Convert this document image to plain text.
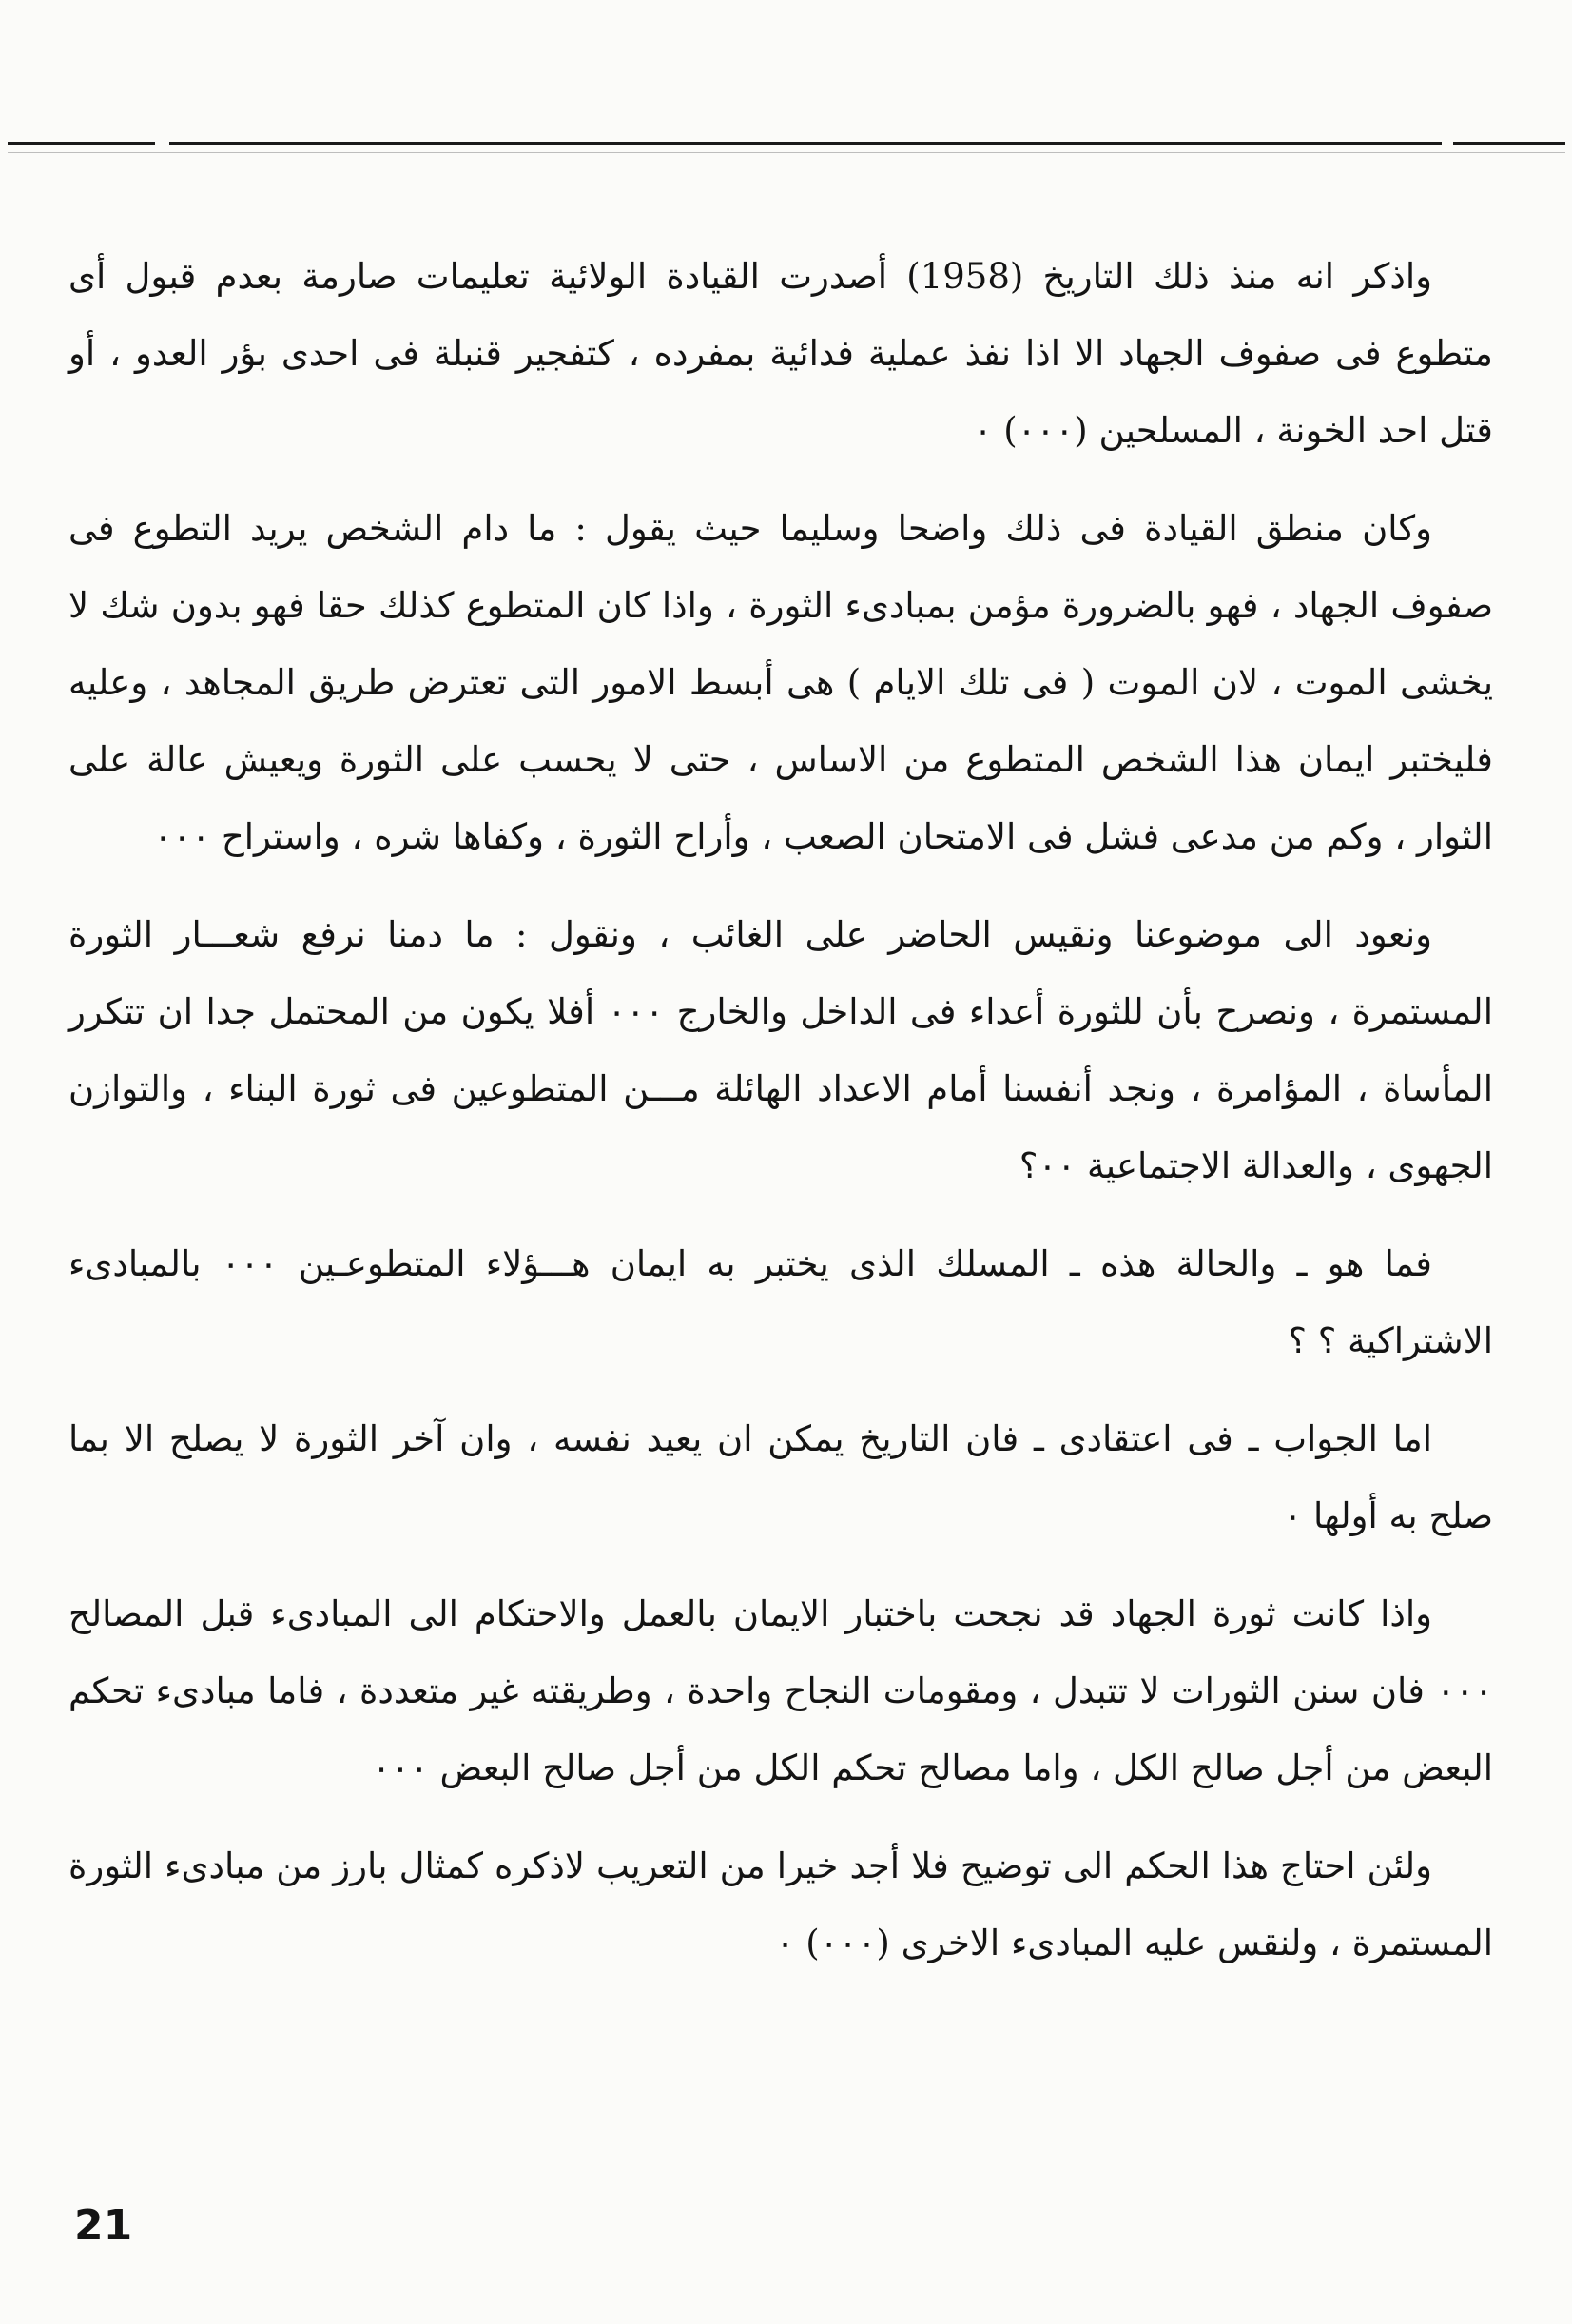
واذكر انه منذ ذلك التاريخ (1958) أصدرت القيادة الولائية تعليمات صارمة بعدم قبول أى متطوع فى صفوف الجهاد الا اذا نفذ عملية فدائية بمفرده ، كتفجير قنبلة فى احدى بؤر العدو ، أو قتل احد الخونة ، المسلحين (٠٠٠) ٠

وكان منطق القيادة فى ذلك واضحا وسليما حيث يقول : ما دام الشخص يريد التطوع فى صفوف الجهاد ، فهو بالضرورة مؤمن بمبادىء الثورة ، واذا كان المتطوع كذلك حقا فهو بدون شك لا يخشى الموت ، لان الموت ( فى تلك الايام ) هى أبسط الامور التى تعترض طريق المجاهد ، وعليه فليختبر ايمان هذا الشخص المتطوع من الاساس ، حتى لا يحسب على الثورة ويعيش عالة على الثوار ، وكم من مدعى فشل فى الامتحان الصعب ، وأراح الثورة ، وكفاها شره ، واستراح ٠٠٠

ونعود الى موضوعنا ونقيس الحاضر على الغائب ، ونقول : ما دمنا نرفع شعـــار الثورة المستمرة ، ونصرح بأن للثورة أعداء فى الداخل والخارج ٠٠٠ أفلا يكون من المحتمل جدا ان تتكرر المأساة ، المؤامرة ، ونجد أنفسنا أمام الاعداد الهائلة مـــن المتطوعين فى ثورة البناء ، والتوازن الجهوى ، والعدالة الاجتماعية ٠٠؟

فما هو ـ والحالة هذه ـ المسلك الذى يختبر به ايمان هـــؤلاء المتطوعـين ٠٠٠ بالمبادىء الاشتراكية ؟ ؟

اما الجواب ـ فى اعتقادى ـ فان التاريخ يمكن ان يعيد نفسه ، وان آخر الثورة لا يصلح الا بما صلح به أولها ٠

واذا كانت ثورة الجهاد قد نجحت باختبار الايمان بالعمل والاحتكام الى المبادىء قبل المصالح ٠٠٠ فان سنن الثورات لا تتبدل ، ومقومات النجاح واحدة ، وطريقته غير متعددة ، فاما مبادىء تحكم البعض من أجل صالح الكل ، واما مصالح تحكم الكل من أجل صالح البعض ٠٠٠

ولئن احتاج هذا الحكم الى توضيح فلا أجد خيرا من التعريب لاذكره كمثال بارز من مبادىء الثورة المستمرة ، ولنقس عليه المبادىء الاخرى (٠٠٠) ٠

21
